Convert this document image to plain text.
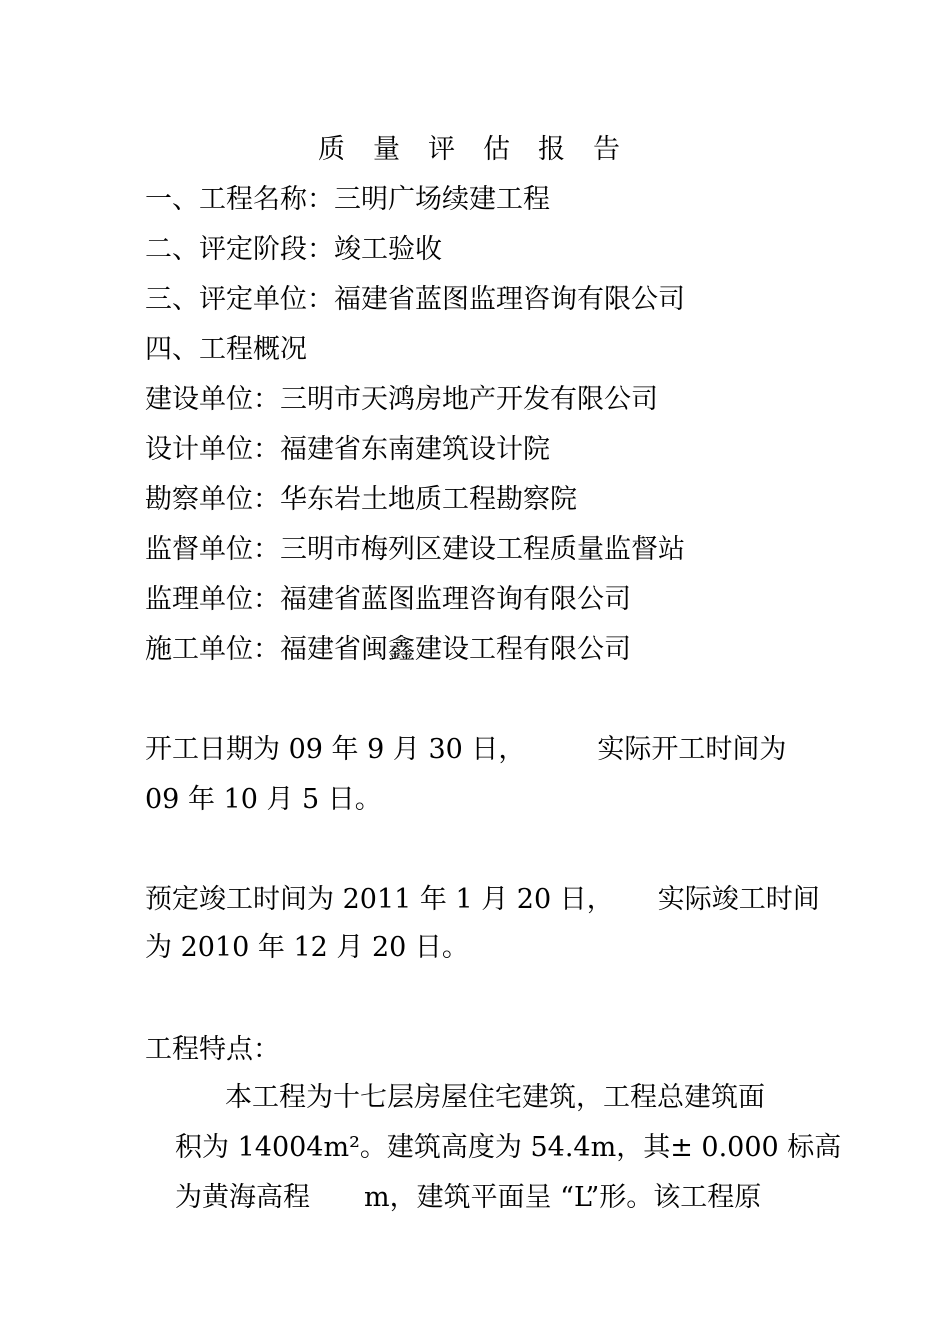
质量评估报告
一、工程名称：三明广场续建工程
二、评定阶段：竣工验收
三、评定单位：福建省蓝图监理咨询有限公司
四、工程概况
建设单位：三明市天鸿房地产开发有限公司
设计单位：福建省东南建筑设计院
勘察单位：华东岩土地质工程勘察院
监督单位：三明市梅列区建设工程质量监督站
监理单位：福建省蓝图监理咨询有限公司
施工单位：福建省闽鑫建设工程有限公司
开工日期为 09 年 9 月 30 日，	实际开工时间为
09 年 10 月 5 日。
预定竣工时间为 2011 年 1 月 20 日， 实际竣工时间
为 2010 年 12 月 20 日。
工程特点：
本工程为十七层房屋住宅建筑，工程总建筑面
积为 14004m²。建筑高度为 54.4m，其± 0.000 标高
为黄海高程 m，建筑平面呈 “L”形。该工程原
